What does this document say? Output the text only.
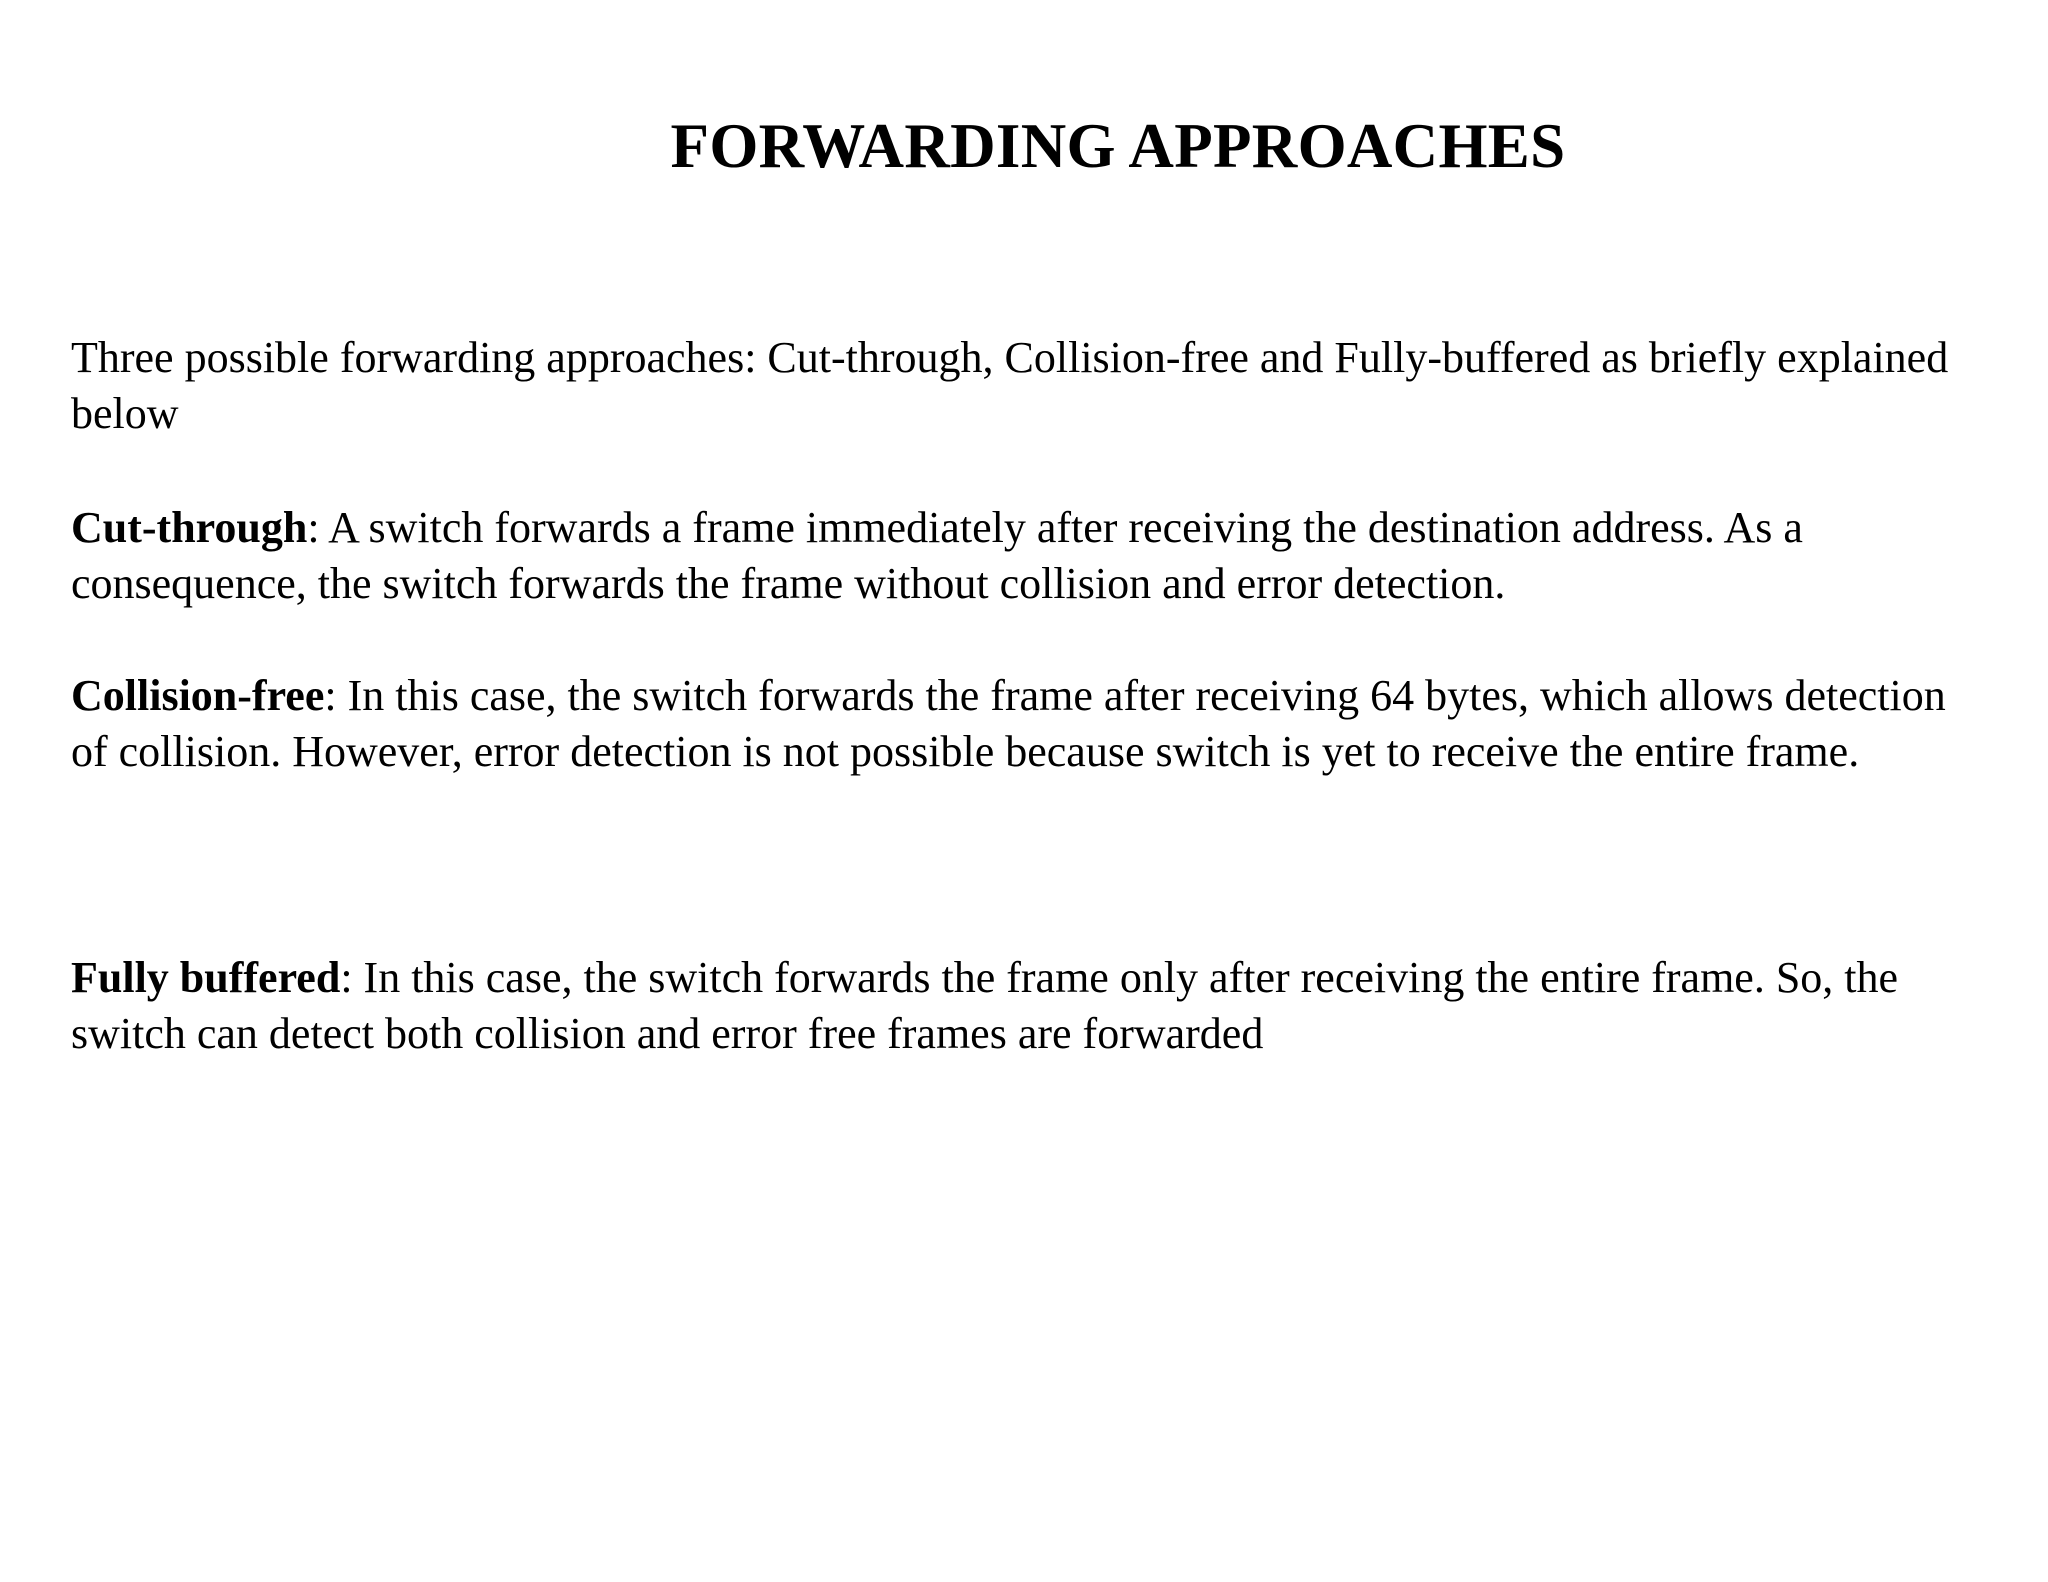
FORWARDING APPROACHES

Three possible forwarding approaches: Cut-through, Collision-free and Fully-buffered as briefly explained below

Cut-through: A switch forwards a frame immediately after receiving the destination address. As a consequence, the switch forwards the frame without collision and error detection.

Collision-free: In this case, the switch forwards the frame after receiving 64 bytes, which allows detection of collision. However, error detection is not possible because switch is yet to receive the entire frame.

Fully buffered: In this case, the switch forwards the frame only after receiving the entire frame. So, the switch can detect both collision and error free frames are forwarded
